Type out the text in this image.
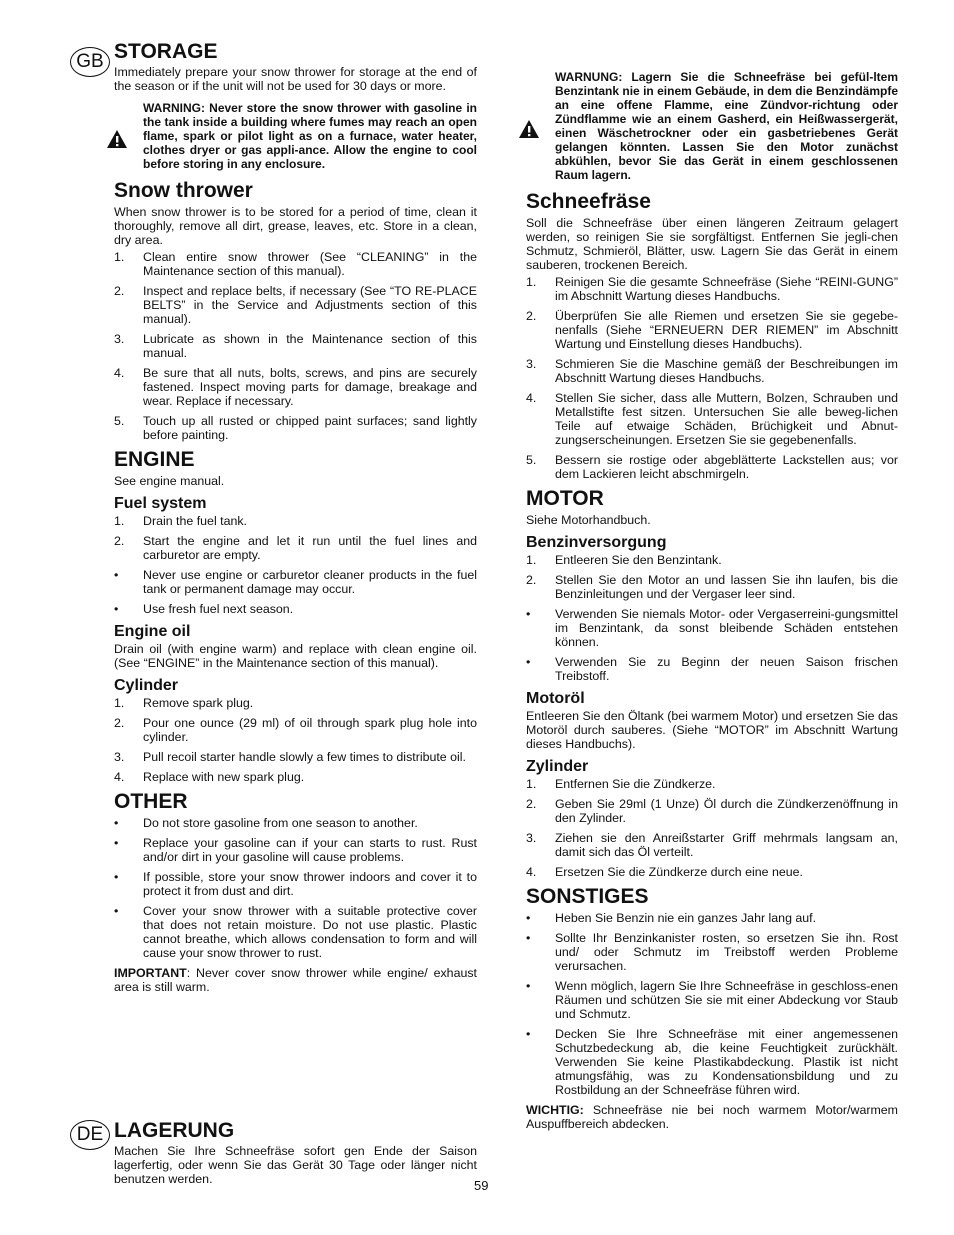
GB
DE
STORAGE

Immediately prepare your snow thrower for storage at the end of the season or if the unit will not be used for 30 days or more.

WARNING: Never store the snow thrower with gasoline in the tank inside a building where fumes may reach an open flame, spark or pilot light as on a furnace, water heater, clothes dryer or gas appli-ance. Allow the engine to cool before storing in any enclosure.
Snow thrower

When snow thrower is to be stored for a period of time, clean it thoroughly, remove all dirt, grease, leaves, etc. Store in a clean, dry area.

1. Clean entire snow thrower (See “CLEANING” in the Maintenance section of this manual).
2. Inspect and replace belts, if necessary (See “TO RE-PLACE BELTS” in the Service and Adjustments section of this manual).
3. Lubricate as shown in the Maintenance section of this manual.
4. Be sure that all nuts, bolts, screws, and pins are securely fastened. Inspect moving parts for damage, breakage and wear. Replace if necessary.
5. Touch up all rusted or chipped paint surfaces; sand lightly before painting.
ENGINE

See engine manual.

Fuel system
1. Drain the fuel tank.
2. Start the engine and let it run until the fuel lines and carburetor are empty.
• Never use engine or carburetor cleaner products in the fuel tank or permanent damage may occur.
• Use fresh fuel next season.
Engine oil

Drain oil (with engine warm) and replace with clean engine oil. (See “ENGINE” in the Maintenance section of this manual).

Cylinder
1. Remove spark plug.
2. Pour one ounce (29 ml) of oil through spark plug hole into cylinder.
3. Pull recoil starter handle slowly a few times to distribute oil.
4. Replace with new spark plug.
OTHER
• Do not store gasoline from one season to another.
• Replace your gasoline can if your can starts to rust. Rust and/or dirt in your gasoline will cause problems.
• If possible, store your snow thrower indoors and cover it to protect it from dust and dirt.
• Cover your snow thrower with a suitable protective cover that does not retain moisture. Do not use plastic. Plastic cannot breathe, which allows condensation to form and will cause your snow thrower to rust.

IMPORTANT: Never cover snow thrower while engine/ exhaust area is still warm.

LAGERUNG

Machen Sie Ihre Schneefräse sofort gen Ende der Saison lagerfertig, oder wenn Sie das Gerät 30 Tage oder länger nicht benutzen werden.

WARNUNG: Lagern Sie die Schneefräse bei gefül-ltem Benzintank nie in einem Gebäude, in dem die Benzindämpfe an eine offene Flamme, eine Zündvor-richtung oder Zündflamme wie an einem Gasherd, ein Heißwassergerät, einen Wäschetrockner oder ein gasbetriebenes Gerät gelangen könnten. Lassen Sie den Motor zunächst abkühlen, bevor Sie das Gerät in einem geschlossenen Raum lagern.
Schneefräse

Soll die Schneefräse über einen längeren Zeitraum gelagert werden, so reinigen Sie sie sorgfältigst. Entfernen Sie jegli-chen Schmutz, Schmieröl, Blätter, usw. Lagern Sie das Gerät in einem sauberen, trockenen Bereich.

1. Reinigen Sie die gesamte Schneefräse (Siehe “REINI-GUNG” im Abschnitt Wartung dieses Handbuchs.
2. Überprüfen Sie alle Riemen und ersetzen Sie sie gegebe-nenfalls (Siehe “ERNEUERN DER RIEMEN” im Abschnitt Wartung und Einstellung dieses Handbuchs).
3. Schmieren Sie die Maschine gemäß der Beschreibungen im Abschnitt Wartung dieses Handbuchs.
4. Stellen Sie sicher, dass alle Muttern, Bolzen, Schrauben und Metallstifte fest sitzen. Untersuchen Sie alle beweg-lichen Teile auf etwaige Schäden, Brüchigkeit und Abnut-zungserscheinungen. Ersetzen Sie sie gegebenenfalls.
5. Bessern sie rostige oder abgeblätterte Lackstellen aus; vor dem Lackieren leicht abschmirgeln.
MOTOR

Siehe Motorhandbuch.

Benzinversorgung
1. Entleeren Sie den Benzintank.
2. Stellen Sie den Motor an und lassen Sie ihn laufen, bis die Benzinleitungen und der Vergaser leer sind.
• Verwenden Sie niemals Motor- oder Vergaserreini-gungsmittel im Benzintank, da sonst bleibende Schäden entstehen können.
• Verwenden Sie zu Beginn der neuen Saison frischen Treibstoff.
Motoröl

Entleeren Sie den Öltank (bei warmem Motor) und ersetzen Sie das Motoröl durch sauberes. (Siehe “MOTOR” im Abschnitt Wartung dieses Handbuchs).

Zylinder
1. Entfernen Sie die Zündkerze.
2. Geben Sie 29ml (1 Unze) Öl durch die Zündkerzenöffnung in den Zylinder.
3. Ziehen sie den Anreißstarter Griff mehrmals langsam an, damit sich das Öl verteilt.
4. Ersetzen Sie die Zündkerze durch eine neue.
SONSTIGES
• Heben Sie Benzin nie ein ganzes Jahr lang auf.
• Sollte Ihr Benzinkanister rosten, so ersetzen Sie ihn. Rost und/ oder Schmutz im Treibstoff werden Probleme verursachen.
• Wenn möglich, lagern Sie Ihre Schneefräse in geschloss-enen Räumen und schützen Sie sie mit einer Abdeckung vor Staub und Schmutz.
• Decken Sie Ihre Schneefräse mit einer angemessenen Schutzbedeckung ab, die keine Feuchtigkeit zurückhält. Verwenden Sie keine Plastikabdeckung. Plastik ist nicht atmungsfähig, was zu Kondensationsbildung und zu Rostbildung an der Schneefräse führen wird.

WICHTIG: Schneefräse nie bei noch warmem Motor/warmem Auspuffbereich abdecken.

59
